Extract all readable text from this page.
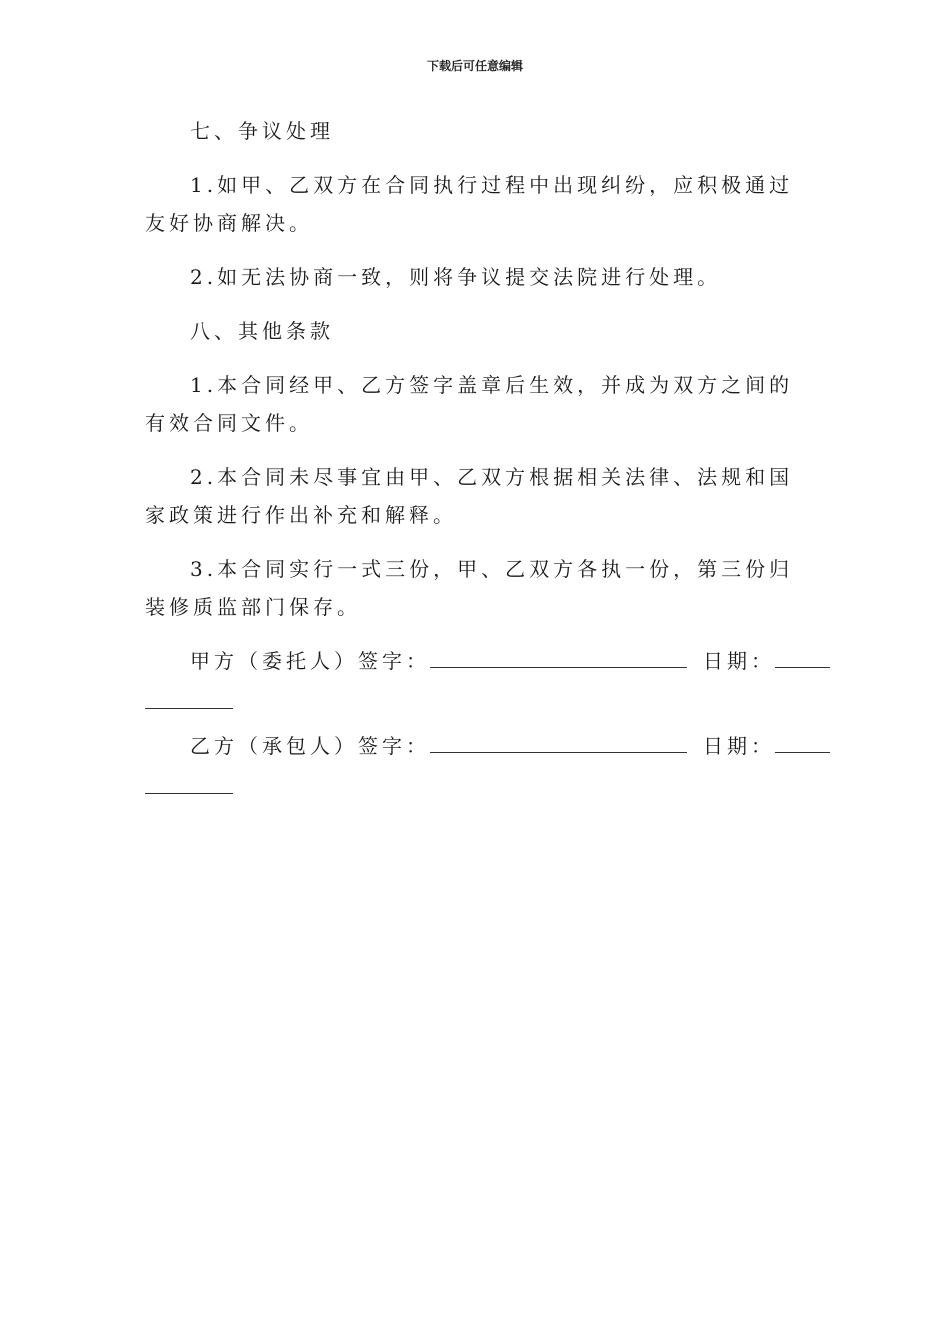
下载后可任意编辑

七、争议处理

1.如甲、乙双方在合同执行过程中出现纠纷，应积极通过友好协商解决。

2.如无法协商一致，则将争议提交法院进行处理。

八、其他条款

1.本合同经甲、乙方签字盖章后生效，并成为双方之间的有效合同文件。

2.本合同未尽事宜由甲、乙双方根据相关法律、法规和国家政策进行作出补充和解释。

3.本合同实行一式三份，甲、乙双方各执一份，第三份归装修质监部门保存。

甲方（委托人）签字：	日期：
乙方（承包人）签字：	日期：
